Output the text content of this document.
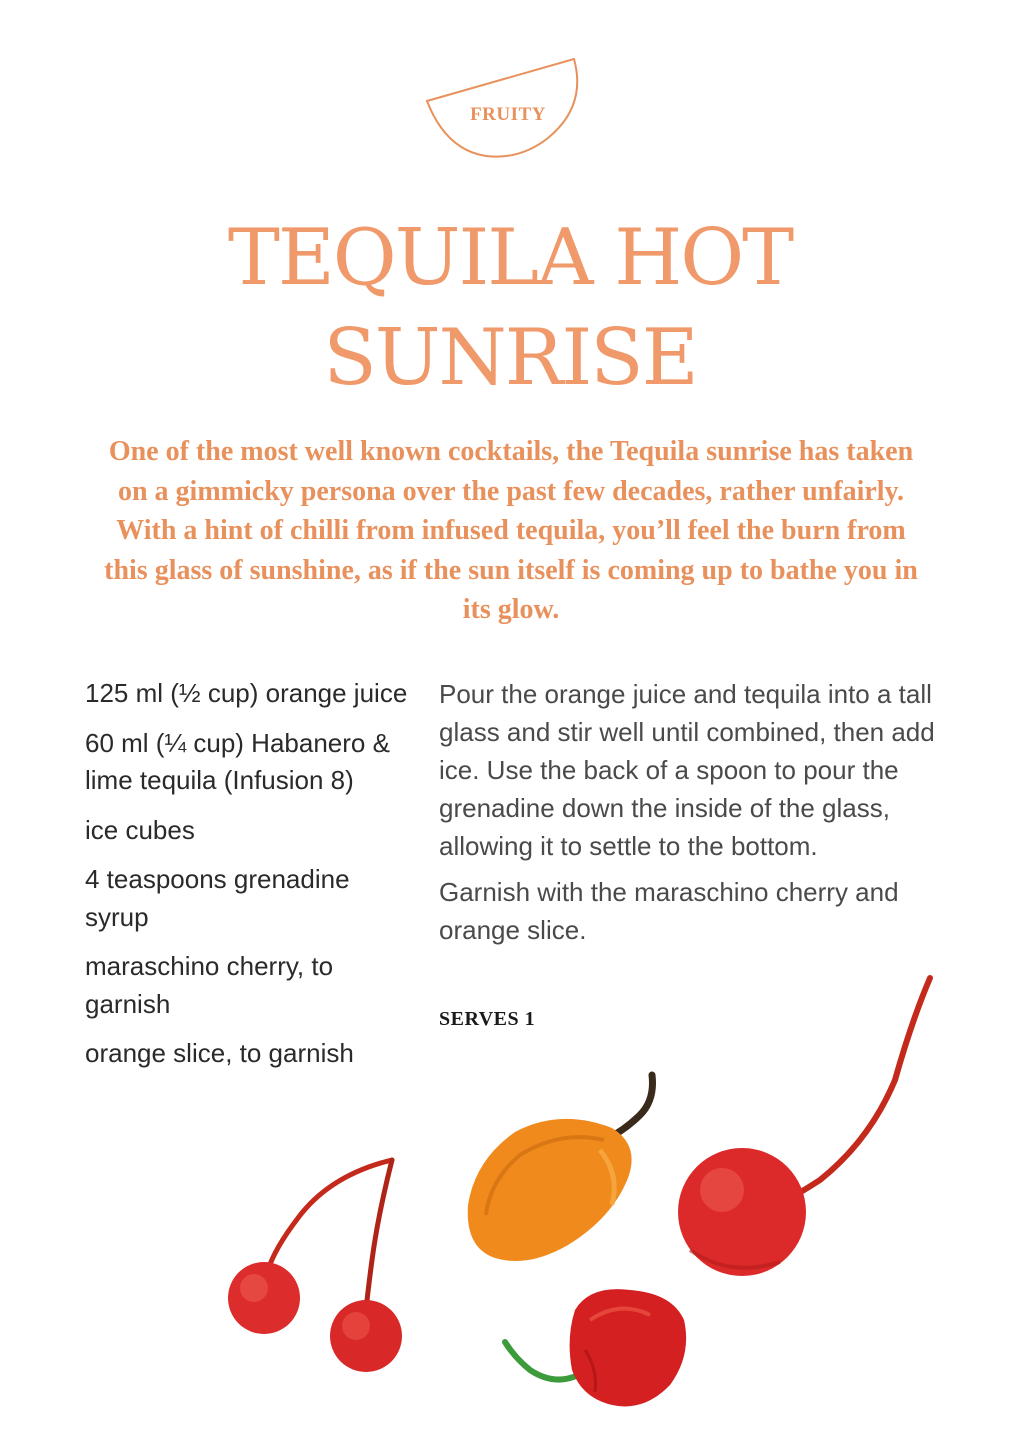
FRUITY
TEQUILA HOT SUNRISE

One of the most well known cocktails, the Tequila sunrise has taken on a gimmicky persona over the past few decades, rather unfairly. With a hint of chilli from infused tequila, you’ll feel the burn from this glass of sunshine, as if the sun itself is coming up to bathe you in its glow.

125 ml (½ cup) orange juice
60 ml (¼ cup) Habanero & lime tequila (Infusion 8)
ice cubes
4 teaspoons grenadine syrup
maraschino cherry, to garnish
orange slice, to garnish

Pour the orange juice and tequila into a tall glass and stir well until combined, then add ice. Use the back of a spoon to pour the grenadine down the inside of the glass, allowing it to settle to the bottom.

Garnish with the maraschino cherry and orange slice.

SERVES 1
